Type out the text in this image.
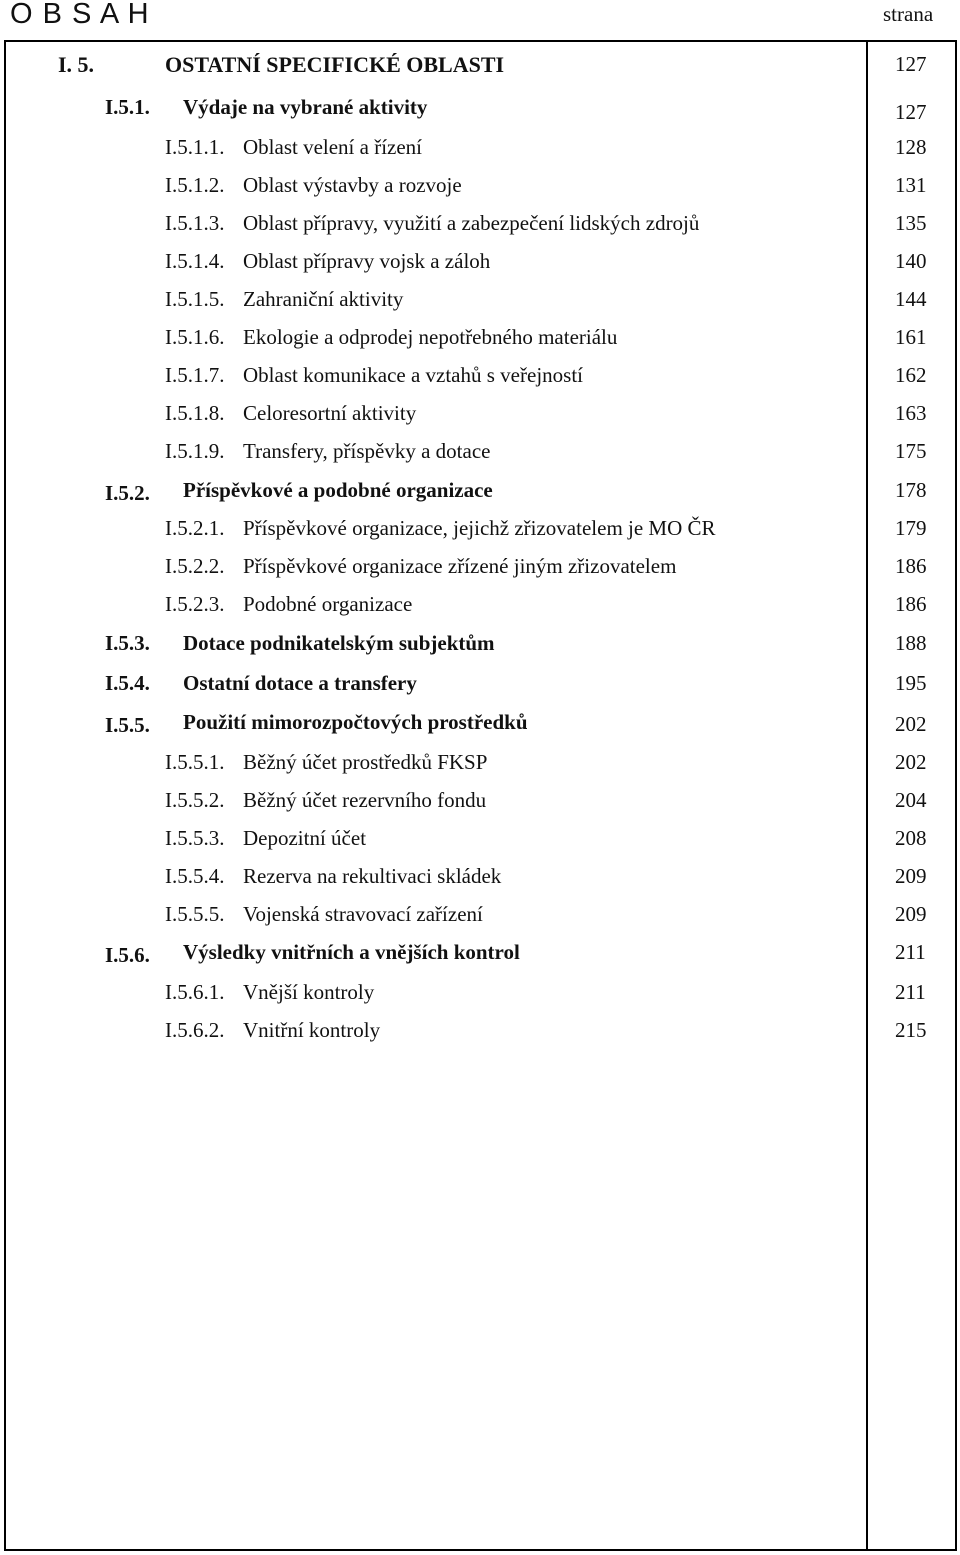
O B S A H	strana
I. 5.	OSTATNÍ SPECIFICKÉ OBLASTI	127
I.5.1. Výdaje na vybrané aktivity	127
I.5.1.1. Oblast velení a řízení	128
I.5.1.2. Oblast výstavby a rozvoje	131
I.5.1.3. Oblast přípravy, využití a zabezpečení lidských zdrojů	135
I.5.1.4. Oblast přípravy vojsk a záloh	140
I.5.1.5. Zahraniční aktivity	144
I.5.1.6. Ekologie a odprodej nepotřebného materiálu	161
I.5.1.7. Oblast komunikace a vztahů s veřejností	162
I.5.1.8. Celoresortní aktivity	163
I.5.1.9. Transfery, příspěvky a dotace	175
I.5.2. Příspěvkové a podobné organizace	178
I.5.2.1. Příspěvkové organizace, jejichž zřizovatelem je MO ČR	179
I.5.2.2. Příspěvkové organizace zřízené jiným zřizovatelem	186
I.5.2.3. Podobné organizace	186
I.5.3. Dotace podnikatelským subjektům	188
I.5.4. Ostatní dotace a transfery	195
I.5.5. Použití mimorozpočtových prostředků	202
I.5.5.1. Běžný účet prostředků FKSP	202
I.5.5.2. Běžný účet rezervního fondu	204
I.5.5.3. Depozitní účet	208
I.5.5.4. Rezerva na rekultivaci skládek	209
I.5.5.5. Vojenská stravovací zařízení	209
I.5.6. Výsledky vnitřních a vnějších kontrol	211
I.5.6.1. Vnější kontroly	211
I.5.6.2. Vnitřní kontroly	215
